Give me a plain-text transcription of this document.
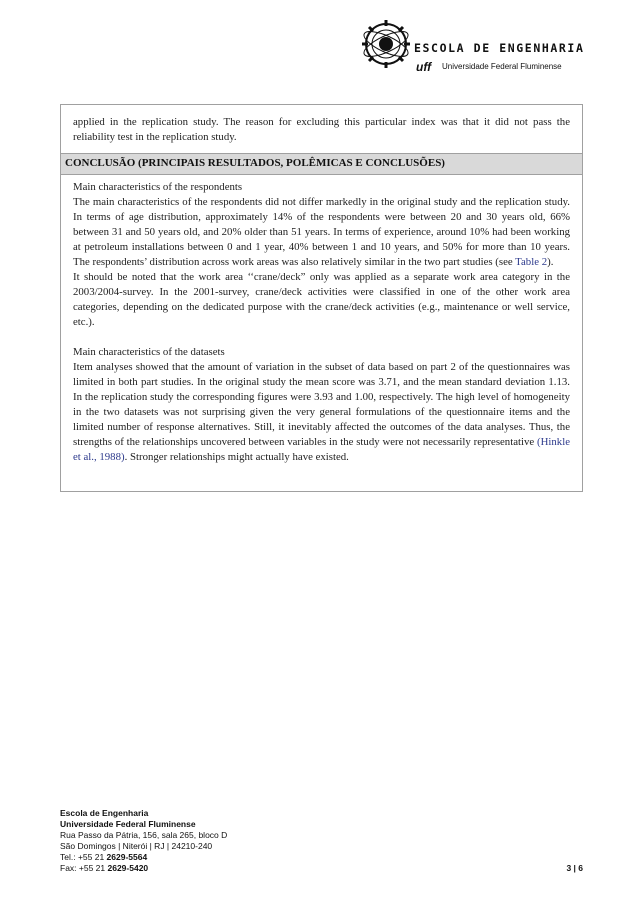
ESCOLA DE ENGENHARIA
uff Universidade Federal Fluminense

applied in the replication study. The reason for excluding this particular index was that it did not pass the reliability test in the replication study.

CONCLUSÃO (PRINCIPAIS RESULTADOS, POLÊMICAS E CONCLUSÕES)

Main characteristics of the respondents

The main characteristics of the respondents did not differ markedly in the original study and the replication study. In terms of age distribution, approximately 14% of the respondents were between 20 and 30 years old, 66% between 31 and 50 years old, and 20% older than 51 years. In terms of experience, around 10% had been working at petroleum installations between 0 and 1 year, 40% between 1 and 10 years, and 50% for more than 10 years. The respondents’ distribution across work areas was also relatively similar in the two part studies (see Table 2).

It should be noted that the work area ‘‘crane/deck” only was applied as a separate work area category in the 2003/2004-survey. In the 2001-survey, crane/deck activities were classified in one of the other work area categories, depending on the dedicated purpose with the crane/deck activities (e.g., maintenance or well service, etc.).

Main characteristics of the datasets

Item analyses showed that the amount of variation in the subset of data based on part 2 of the questionnaires was limited in both part studies. In the original study the mean score was 3.71, and the mean standard deviation 1.13. In the replication study the corresponding figures were 3.93 and 1.00, respectively. The high level of homogeneity in the two datasets was not surprising given the very general formulations of the questionnaire items and the limited number of response alternatives. Still, it inevitably affected the outcomes of the data analyses. Thus, the strengths of the relationships uncovered between variables in the study were not necessarily representative (Hinkle et al., 1988). Stronger relationships might actually have existed.

Escola de Engenharia
Universidade Federal Fluminense
Rua Passo da Pátria, 156, sala 265, bloco D
São Domingos | Niterói | RJ | 24210-240
Tel.: +55 21 2629-5564
Fax: +55 21 2629-5420	3 | 6
